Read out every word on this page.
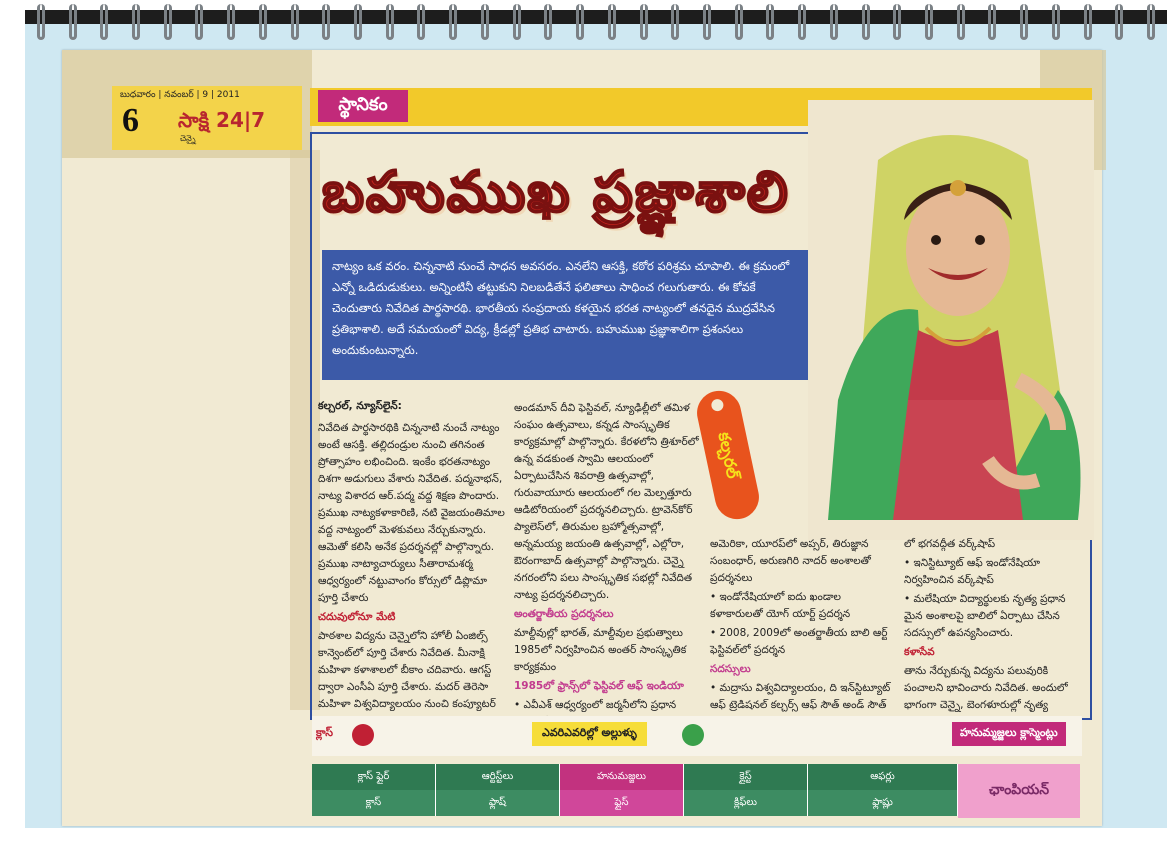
బుధవారం | నవంబర్ | 9 | 2011
6 సాక్షి 24|7
చెన్నై
స్థానికం
బహుముఖ ప్రజ్ఞాశాలి
నాట్యం ఒక వరం. చిన్ననాటి నుంచే సాధన అవసరం. ఎనలేని ఆసక్తి, కఠోర పరిశ్రమ చూపాలి. ఈ క్రమంలో ఎన్నో ఒడిదుడుకులు. అన్నింటినీ తట్టుకుని నిలబడితేనే ఫలితాలు సాధించ గలుగుతారు. ఈ కోవకే చెందుతారు నివేదిత పార్థసారథి. భారతీయ సంప్రదాయ కళయైన భరత నాట్యంలో తనదైన ముద్రవేసిన ప్రతిభాశాలి. అదే సమయంలో విద్య, క్రీడల్లో ప్రతిభ చాటారు. బహుముఖ ప్రజ్ఞాశాలిగా ప్రశంసలు అందుకుంటున్నారు.
కల్చరల్, న్యూస్‌లైన్:

నివేదిత పార్థసారథికి చిన్ననాటి నుంచే నాట్యం అంటే ఆసక్తి. తల్లిదండ్రుల నుంచి తగినంత ప్రోత్సాహం లభించింది. ఇంకేం భరతనాట్యం దిశగా అడుగులు వేశారు నివేదిత. పద్మనాభన్, నాట్య విశారద ఆర్.పద్మ వద్ద శిక్షణ పొందారు. ప్రముఖ నాట్యకళాకారిణి, నటి వైజయంతిమాల వద్ద నాట్యంలో మెళకువలు నేర్చుకున్నారు. ఆమెతో కలిసి అనేక ప్రదర్శనల్లో పాల్గొన్నారు. ప్రముఖ నాట్యాచార్యులు సీతారామశర్మ ఆధ్వర్యంలో నట్టువాంగం కోర్సులో డిప్లొమా పూర్తి చేశారు

చదువులోనూ మేటి

పాఠశాల విద్యను చెన్నైలోని హోలీ ఏంజిల్స్ కాన్వెంట్‌లో పూర్తి చేశారు నివేదిత. మీనాక్షి మహిళా కళాశాలలో బీకాం చదివారు. ఆగస్ట్ ద్వారా ఎంసీఏ పూర్తి చేశారు. మదర్ తెరెసా మహిళా విశ్వవిద్యాలయం నుంచి కంప్యూటర్

అండమాన్ దీవి ఫెస్టివల్, న్యూఢిల్లీలో తమిళ సంఘం ఉత్సవాలు, కన్నడ సాంస్కృతిక కార్యక్రమాల్లో పాల్గొన్నారు. కేరళలోని త్రిశూర్‌లో ఉన్న వడకుంత స్వామి ఆలయంలో ఏర్పాటుచేసిన శివరాత్రి ఉత్సవాల్లో, గురువాయూరు ఆలయంలో గల మెల్పత్తూరు ఆడిటోరియంలో ప్రదర్శనలిచ్చారు. ట్రావెన్‌కోర్ ప్యాలెస్‌లో, తిరుమల బ్రహ్మోత్సవాల్లో, అన్నమయ్య జయంతి ఉత్సవాల్లో, ఎల్లోరా, ఔరంగాబాద్ ఉత్సవాల్లో పాల్గొన్నారు. చెన్నై నగరంలోని పలు సాంస్కృతిక సభల్లో నివేదిత నాట్య ప్రదర్శనలిచ్చారు.

అంతర్జాతీయ ప్రదర్శనలు

మాల్దీవుల్లో భారత్, మాల్దీవుల ప్రభుత్వాలు 1985లో నిర్వహించిన అంతర్ సాంస్కృతిక కార్యక్రమం

1985లో ఫ్రాన్స్‌లో ఫెస్టివల్ ఆఫ్ ఇండియా

• ఎవీఎశ్ ఆధ్వర్యంలో జర్మనీలోని ప్రధాన

కల్చరల్

అమెరికా, యూరప్‌లో అప్సర్, తిరుజ్ఞాన సంబంధార్, అరుణగిరి నాదర్ అంశాలతో ప్రదర్శనలు

• ఇండోనేషియాలో ఐదు ఖండాల కళాకారులతో యోగ్ యార్ట్ ప్రదర్శన

• 2008, 2009లో అంతర్జాతీయ బాలి ఆర్ట్ ఫెస్టివల్‌లో ప్రదర్శన

సదస్సులు

• మద్రాసు విశ్వవిద్యాలయం, ది ఇన్‌స్టిట్యూట్ ఆఫ్ ట్రెడిషనల్ కల్చర్స్ ఆఫ్ సౌత్ అండ్ సౌత్

లో భగవద్గీత వర్క్‌షాప్

• ఇనిస్టిట్యూట్ ఆఫ్ ఇండోనేషియా నిర్వహించిన వర్క్‌షాప్

• మలేషియా విద్యార్థులకు నృత్య ప్రధాన మైన అంశాలపై బాలిలో ఏర్పాటు చేసిన సదస్సులో ఉపన్యసించారు.

కళాసేవ

తాను నేర్చుకున్న విద్యను పలువురికి పంచాలని భావించారు నివేదిత. అందులో భాగంగా చెన్నై, బెంగళూరుల్లో నృత్య

క్లాస్	ఎవరిఎవరిల్లో అల్లుళ్ళు	హనుమ్మజ్జలు క్లాస్మెంట్లు
క్లాస్ ఫ్లైర్	ఆర్టిస్ట్‌లు	హనుమజ్జలు	క్లైస్ట్	ఆఫర్లు
క్లాస్	ఫ్లాష్	ఫ్లైస్	క్లిఫ్‌లు	ఫ్లాష్లు
ఛాంపియన్
